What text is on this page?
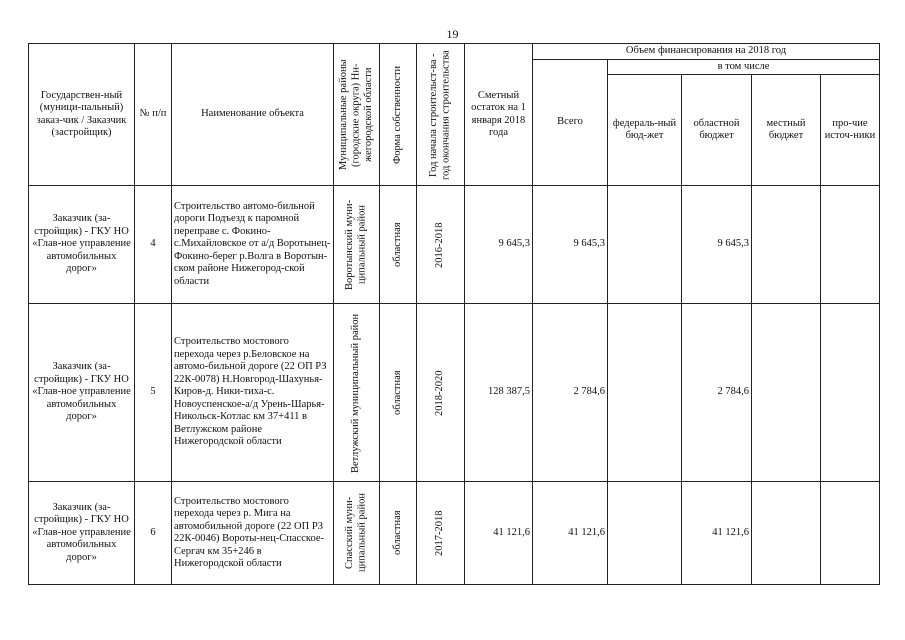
19
Государствен-ный (муници-пальный) заказ-чик / Заказчик (застройщик)	№ п/п	Наименование объекта	Муниципальные районы (городские округа) Ни-жегородской области	Форма собственности	Год начала строительст-ва - год окончания строительства	Сметный остаток на 1 января 2018 года	Объем финансирования на 2018 год				
							Всего	в том числе			
								федераль-ный бюд-жет	областной бюджет	местный бюджет	про-чие источ-ники
Заказчик (за-стройщик) - ГКУ НО «Глав-ное управление автомобильных дорог»	4	Строительство автомо-бильной дороги Подъезд к паромной переправе с. Фокино-с.Михайловское от а/д Воротынец-Фокино-берег р.Волга в Воротын-ском районе Нижегород-ской области	Воротынский муни-ципальный район	областная	2016-2018	9 645,3	9 645,3		9 645,3		
Заказчик (за-стройщик) - ГКУ НО «Глав-ное управление автомобильных дорог»	5	Строительство мостового перехода через р.Беловское на автомо-бильной дороге (22 ОП РЗ 22К-0078) Н.Новгород-Шахунья-Киров-д. Ники-тиха-с. Новоуспенское-а/д Урень-Шарья-Никольск-Котлас км 37+411 в Ветлужском районе Нижегородской области	Ветлужский муниципальный район	областная	2018-2020	128 387,5	2 784,6		2 784,6		
Заказчик (за-стройщик) - ГКУ НО «Глав-ное управление автомобильных дорог»	6	Строительство мостового перехода через р. Мига на автомобильной дороге (22 ОП РЗ 22К-0046) Вороты-нец-Спасское-Сергач км 35+246 в Нижегородской области	Спасский муни-ципальный район	областная	2017-2018	41 121,6	41 121,6		41 121,6		
